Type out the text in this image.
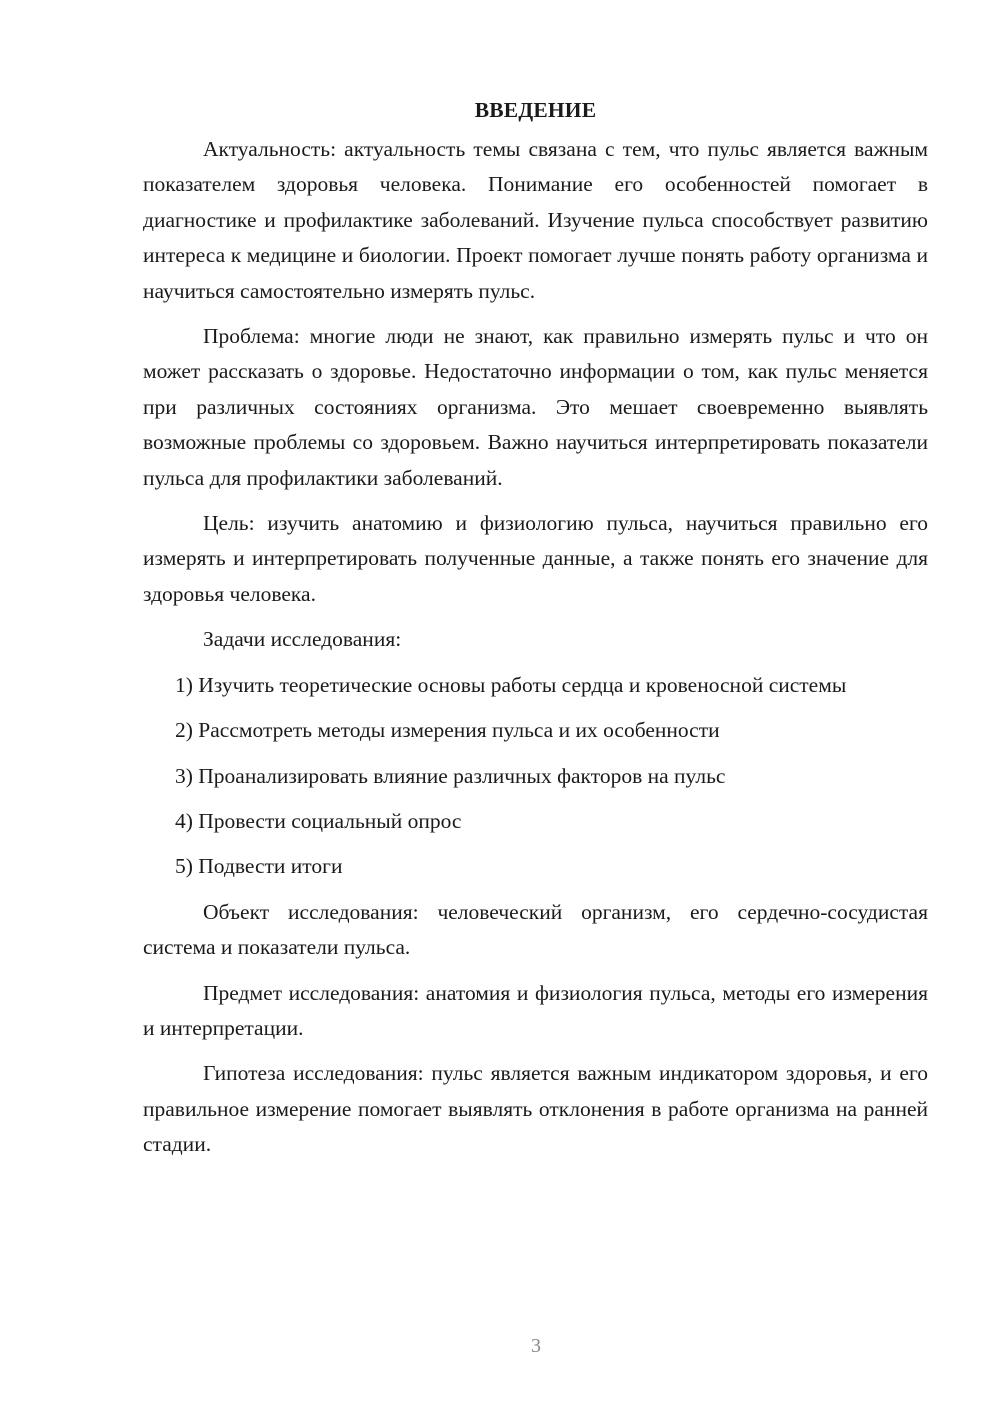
ВВЕДЕНИЕ

Актуальность: актуальность темы связана с тем, что пульс является важным показателем здоровья человека. Понимание его особенностей помогает в диагностике и профилактике заболеваний. Изучение пульса способствует развитию интереса к медицине и биологии. Проект помогает лучше понять работу организма и научиться самостоятельно измерять пульс.

Проблема: многие люди не знают, как правильно измерять пульс и что он может рассказать о здоровье. Недостаточно информации о том, как пульс меняется при различных состояниях организма. Это мешает своевременно выявлять возможные проблемы со здоровьем. Важно научиться интерпретировать показатели пульса для профилактики заболеваний.

Цель: изучить анатомию и физиологию пульса, научиться правильно его измерять и интерпретировать полученные данные, а также понять его значение для здоровья человека.

Задачи исследования:

1) Изучить теоретические основы работы сердца и кровеносной системы

2) Рассмотреть методы измерения пульса и их особенности

3) Проанализировать влияние различных факторов на пульс

4) Провести социальный опрос

5) Подвести итоги

Объект исследования: человеческий организм, его сердечно-сосудистая система и показатели пульса.

Предмет исследования: анатомия и физиология пульса, методы его измерения и интерпретации.

Гипотеза исследования: пульс является важным индикатором здоровья, и его правильное измерение помогает выявлять отклонения в работе организма на ранней стадии.

3
